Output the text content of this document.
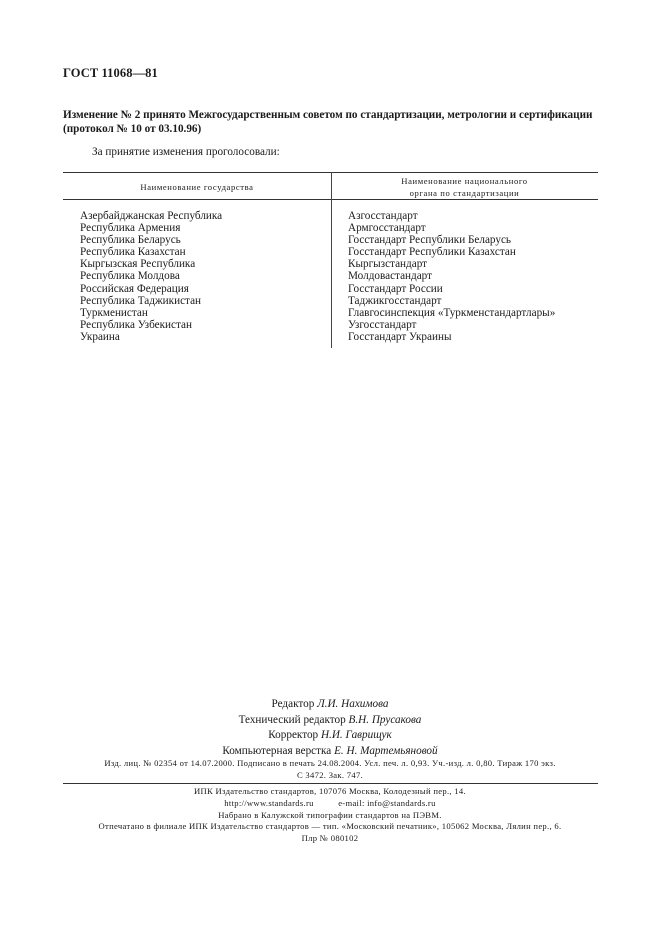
ГОСТ 11068—81
Изменение № 2 принято Межгосударственным советом по стандартизации, метрологии и сертификации (протокол № 10 от 03.10.96)
За принятие изменения проголосовали:
Наименование государства
Наименование национального
органа по стандартизации
Азербайджанская Республика
Республика Армения
Республика Беларусь
Республика Казахстан
Кыргызская Республика
Республика Молдова
Российская Федерация
Республика Таджикистан
Туркменистан
Республика Узбекистан
Украина
Азгосстандарт
Армгосстандарт
Госстандарт Республики Беларусь
Госстандарт Республики Казахстан
Кыргызстандарт
Молдовастандарт
Госстандарт России
Таджикгосстандарт
Главгосинспекция «Туркменстандартлары»
Узгосстандарт
Госстандарт Украины
Редактор Л.И. Нахимова
Технический редактор В.Н. Прусакова
Корректор Н.И. Гаврищук
Компьютерная верстка Е. Н. Мартемьяновой
Изд. лиц. № 02354 от 14.07.2000. Подписано в печать 24.08.2004. Усл. печ. л. 0,93. Уч.-изд. л. 0,80. Тираж 170 экз.
С 3472. Зак. 747.
ИПК Издательство стандартов, 107076 Москва, Колодезный пер., 14.
http://www.standards.ru	e-mail: info@standards.ru
Набрано в Калужской типографии стандартов на ПЭВМ.
Отпечатано в филиале ИПК Издательство стандартов — тип. «Московский печатник», 105062 Москва, Лялин пер., 6.
Плр № 080102
